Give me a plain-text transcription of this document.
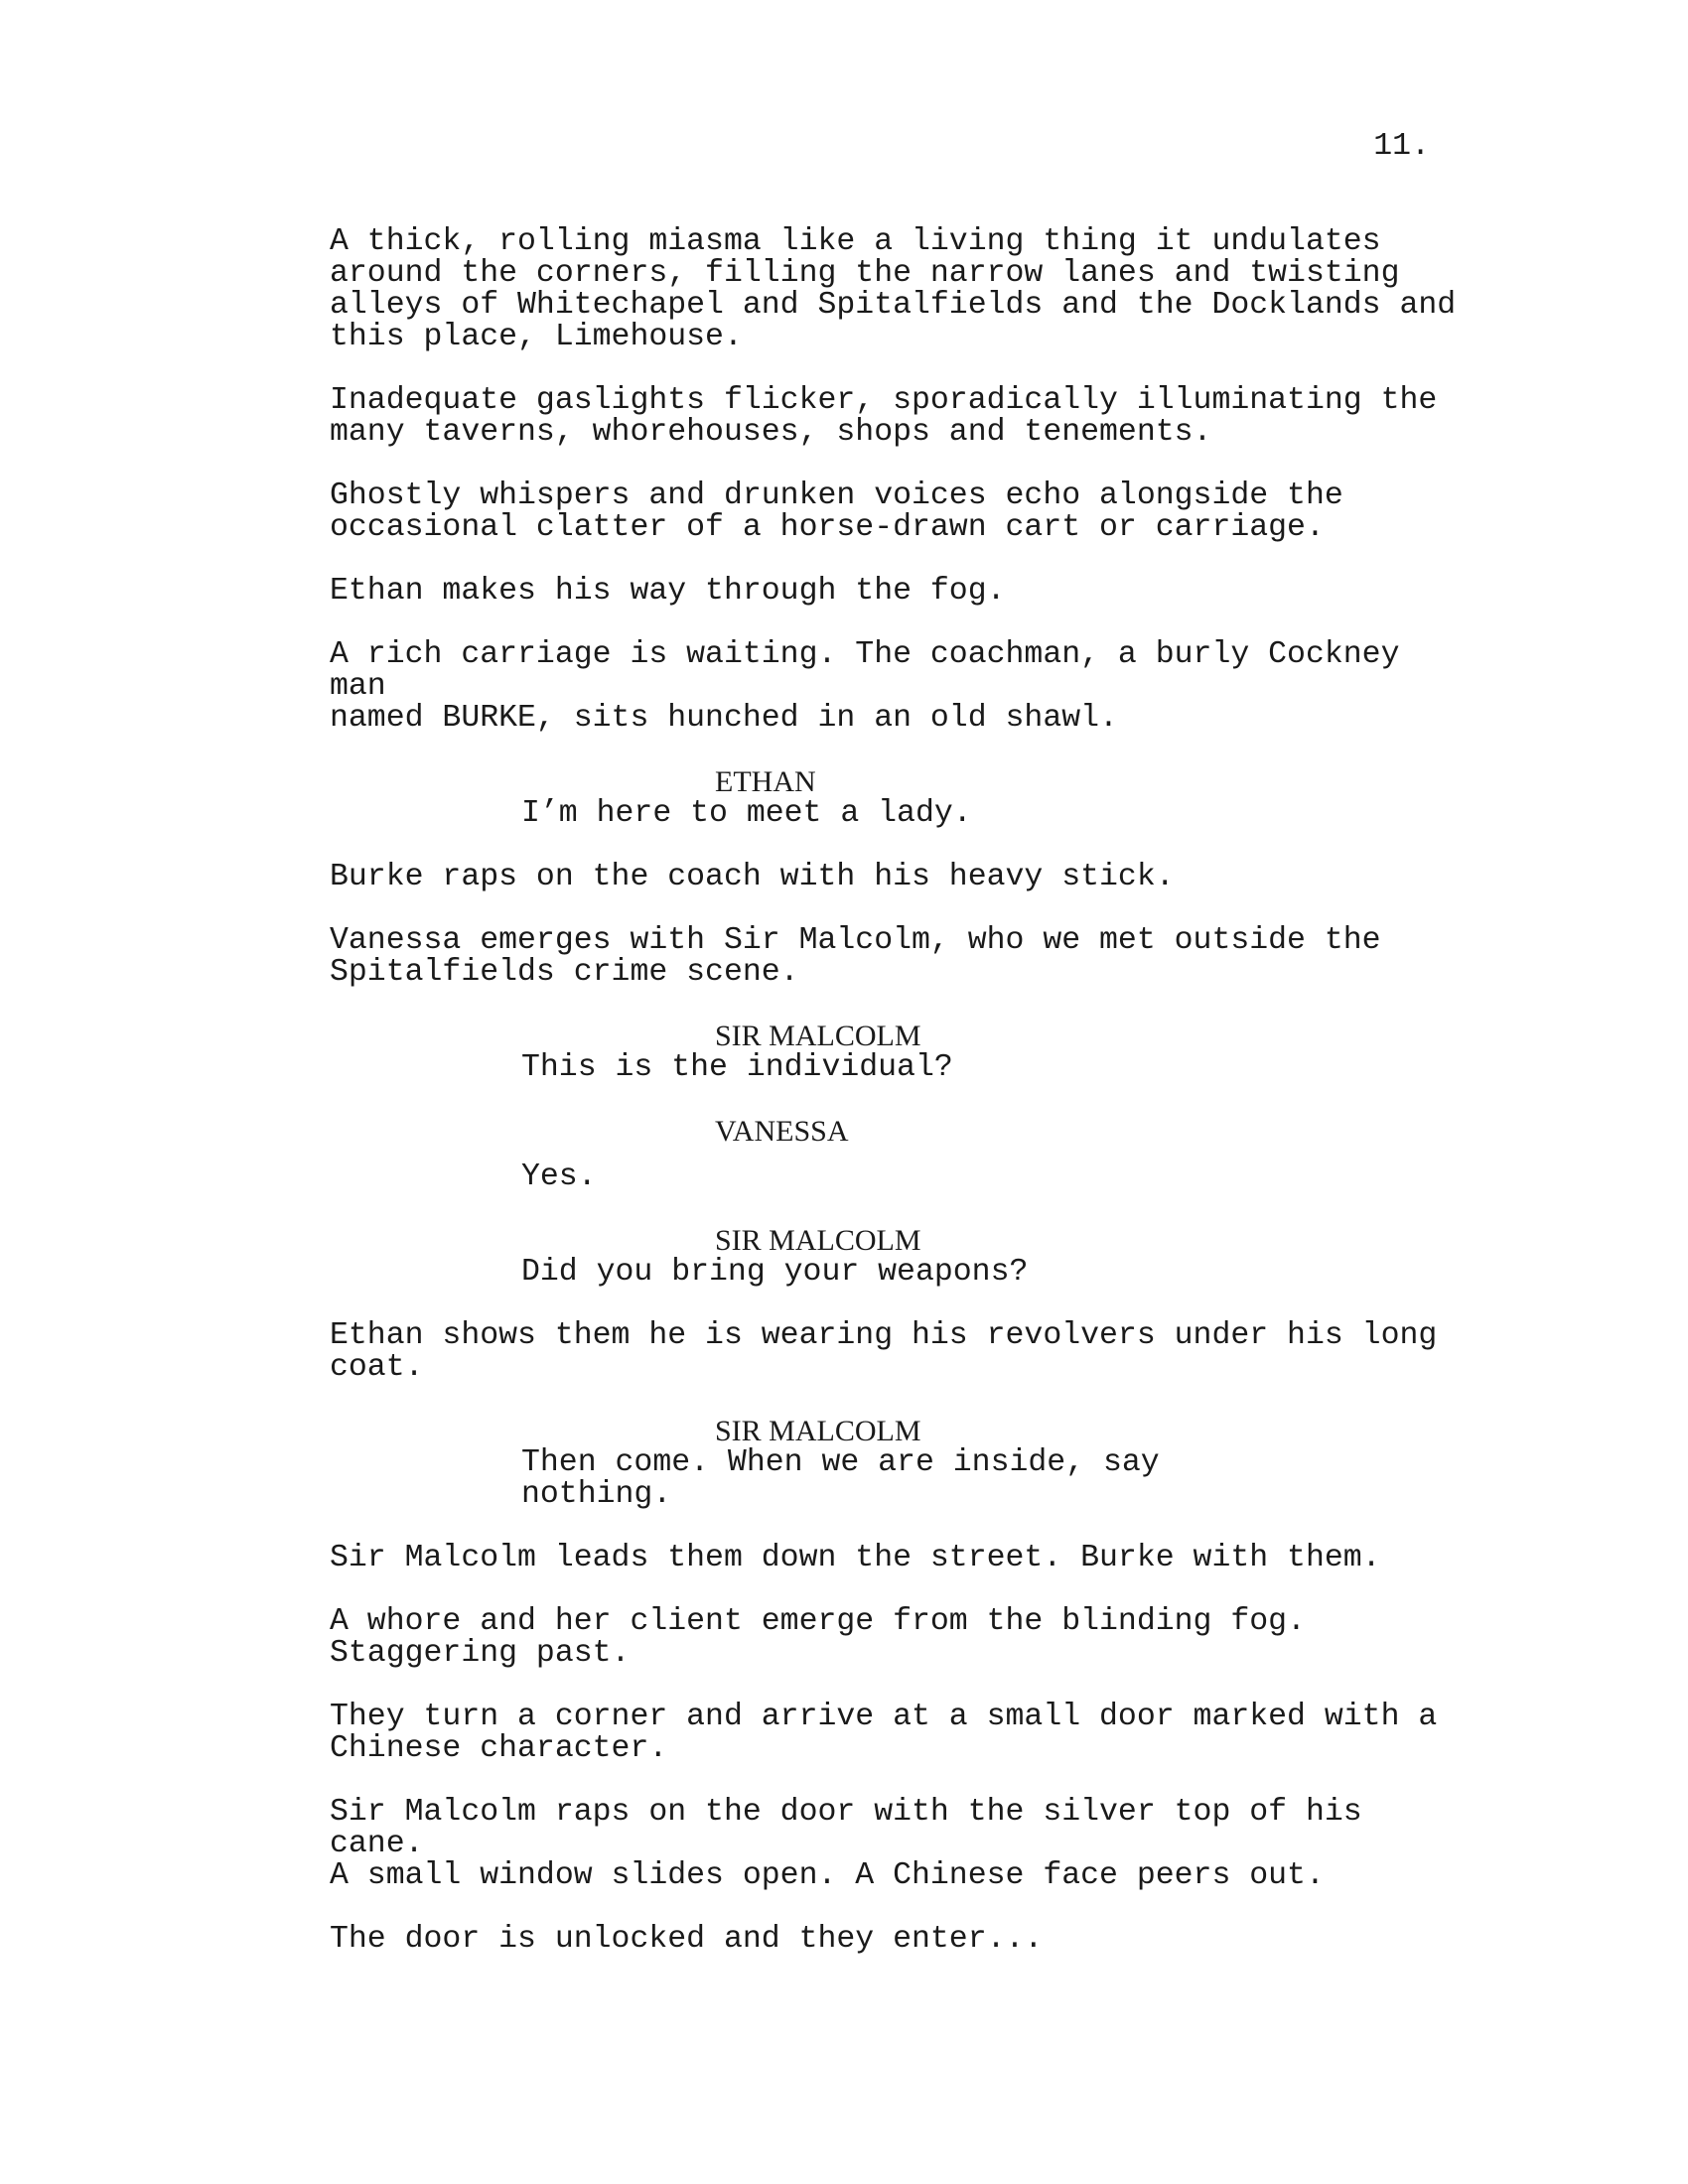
11.
A thick, rolling miasma like a living thing it undulates
around the corners, filling the narrow lanes and twisting
alleys of Whitechapel and Spitalfields and the Docklands and
this place, Limehouse.
Inadequate gaslights flicker, sporadically illuminating the
many taverns, whorehouses, shops and tenements.
Ghostly whispers and drunken voices echo alongside the
occasional clatter of a horse-drawn cart or carriage.
Ethan makes his way through the fog.
A rich carriage is waiting. The coachman, a burly Cockney man
named BURKE, sits hunched in an old shawl.
ETHAN
I’m here to meet a lady.
Burke raps on the coach with his heavy stick.
Vanessa emerges with Sir Malcolm, who we met outside the
Spitalfields crime scene.
SIR MALCOLM
This is the individual?
VANESSA
Yes.
SIR MALCOLM
Did you bring your weapons?
Ethan shows them he is wearing his revolvers under his long
coat.
SIR MALCOLM
Then come. When we are inside, say
nothing.
Sir Malcolm leads them down the street. Burke with them.
A whore and her client emerge from the blinding fog.
Staggering past.
They turn a corner and arrive at a small door marked with a
Chinese character.
Sir Malcolm raps on the door with the silver top of his cane.
A small window slides open. A Chinese face peers out.
The door is unlocked and they enter...
